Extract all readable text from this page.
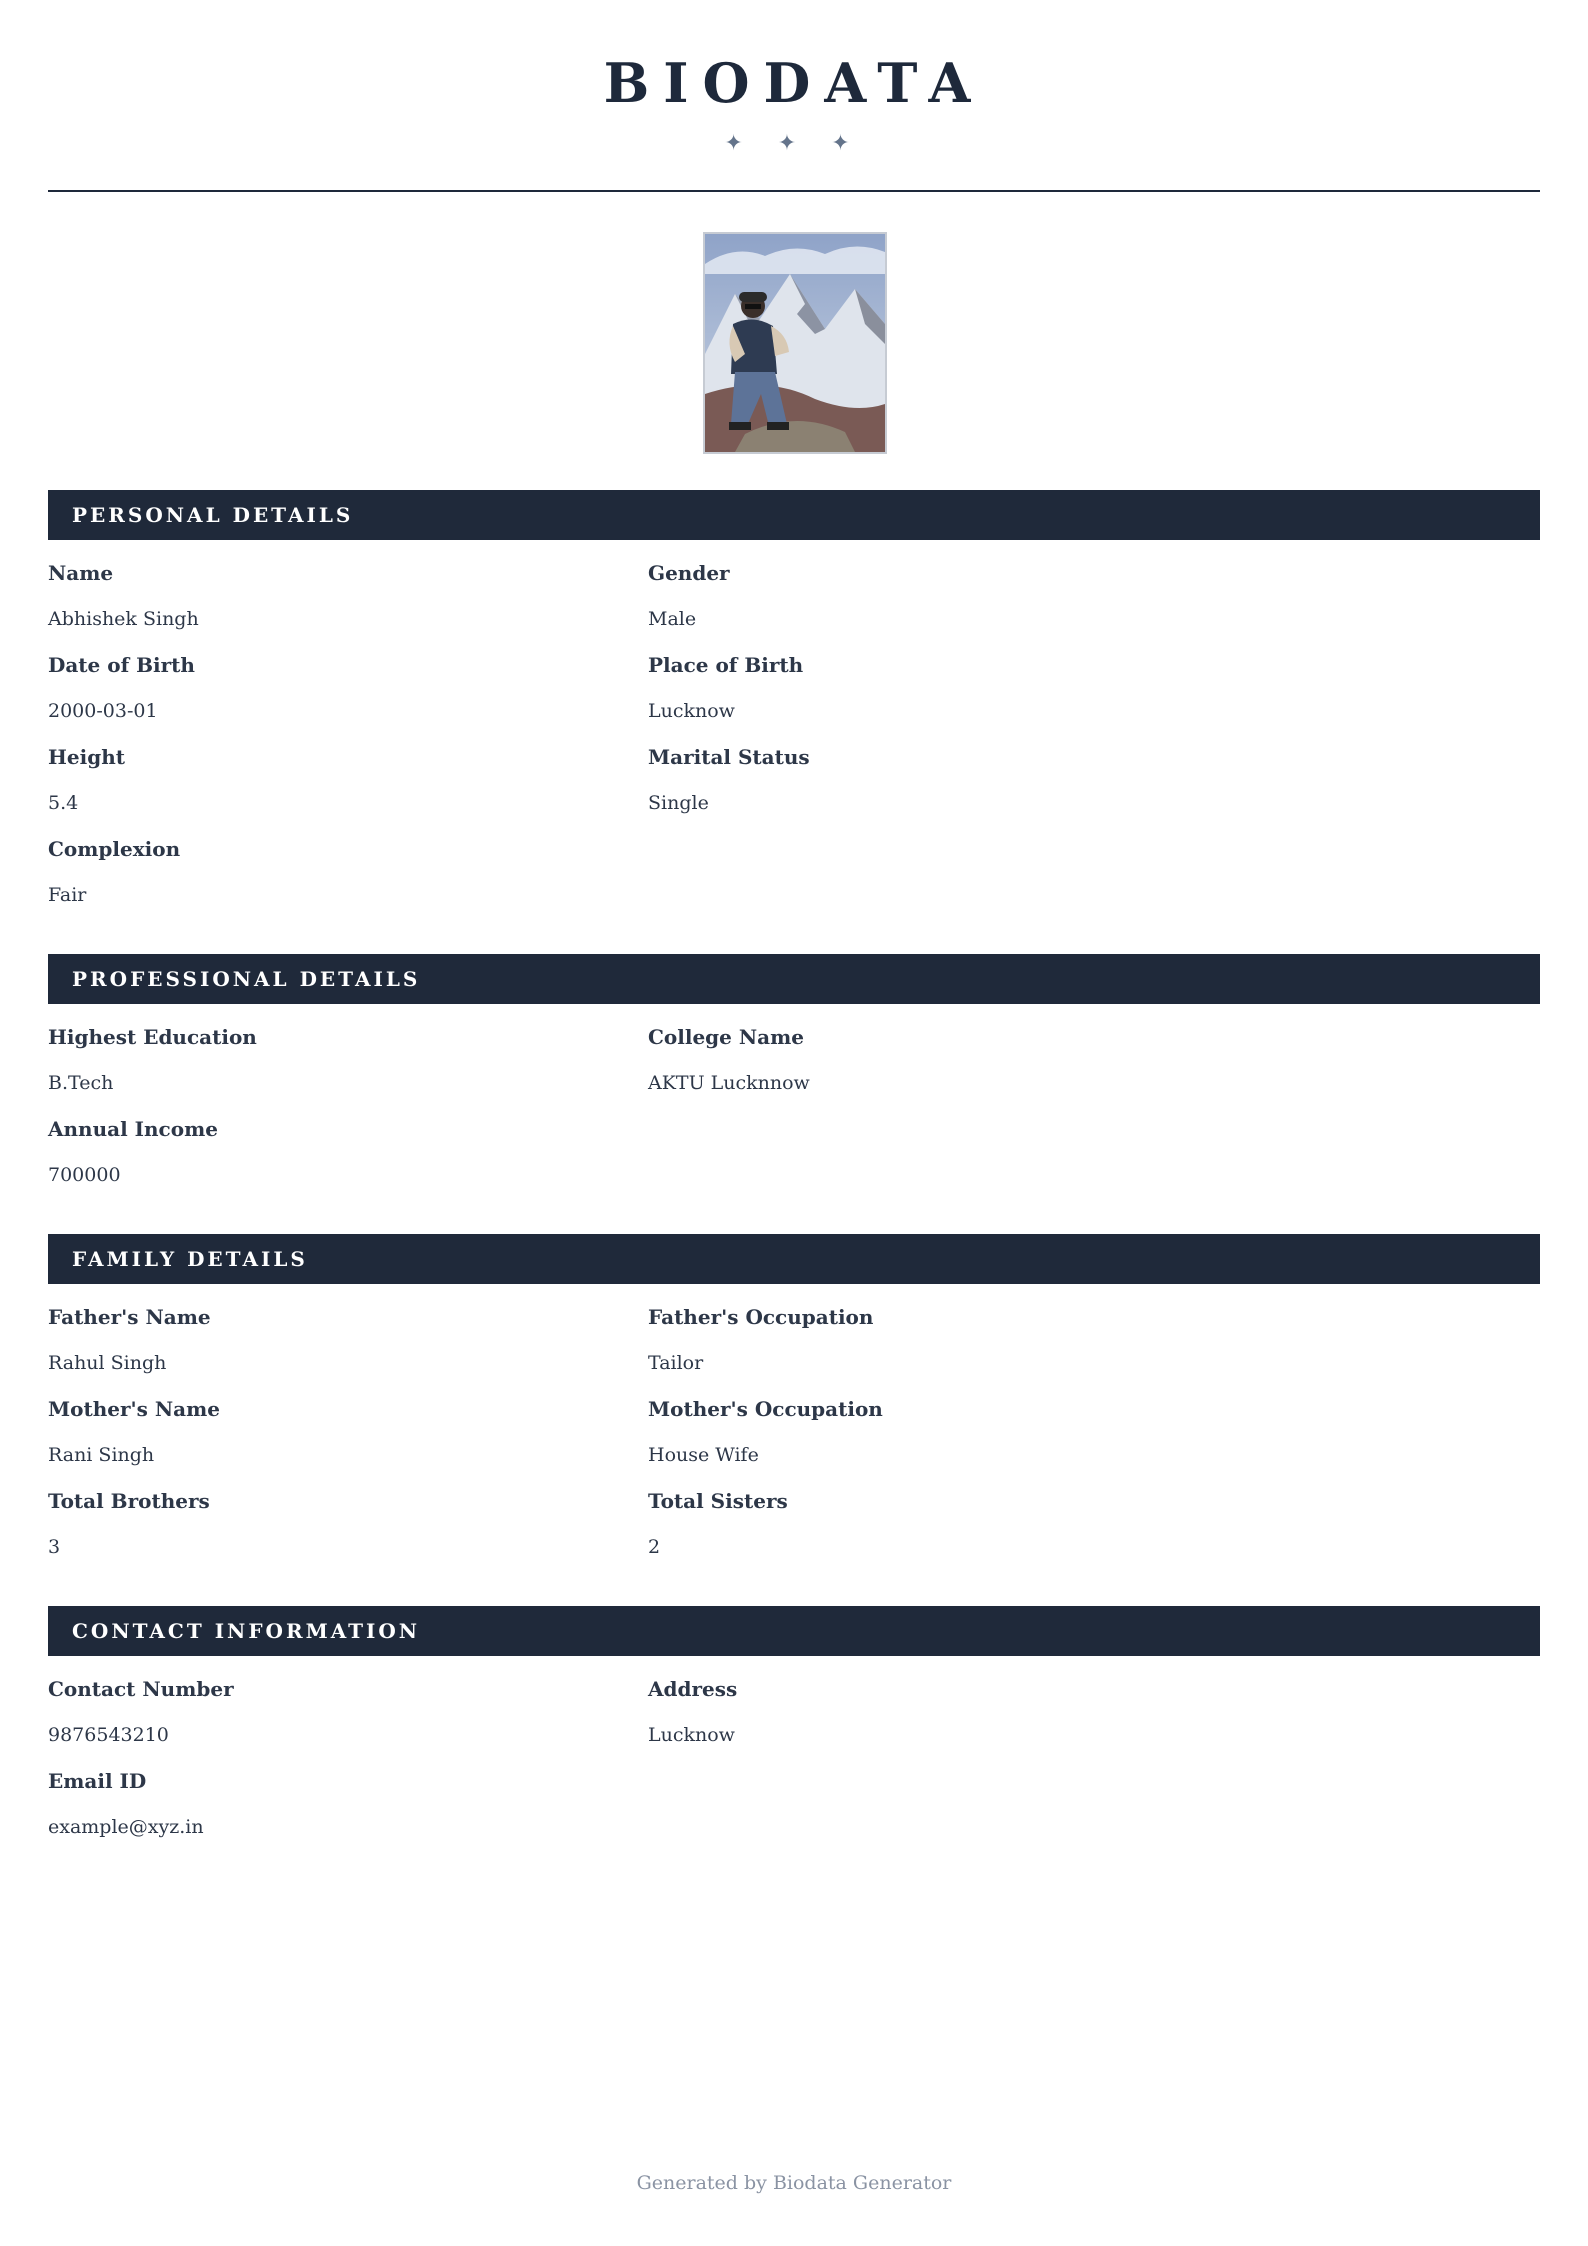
BIODATA
✦ ✦ ✦
PERSONAL DETAILS
Name
Abhishek Singh
Gender
Male
Date of Birth
2000-03-01
Place of Birth
Lucknow
Height
5.4
Marital Status
Single
Complexion
Fair
PROFESSIONAL DETAILS
Highest Education
B.Tech
College Name
AKTU Lucknnow
Annual Income
700000
FAMILY DETAILS
Father's Name
Rahul Singh
Father's Occupation
Tailor
Mother's Name
Rani Singh
Mother's Occupation
House Wife
Total Brothers
3
Total Sisters
2
CONTACT INFORMATION
Contact Number
9876543210
Address
Lucknow
Email ID
example@xyz.in
Generated by Biodata Generator
